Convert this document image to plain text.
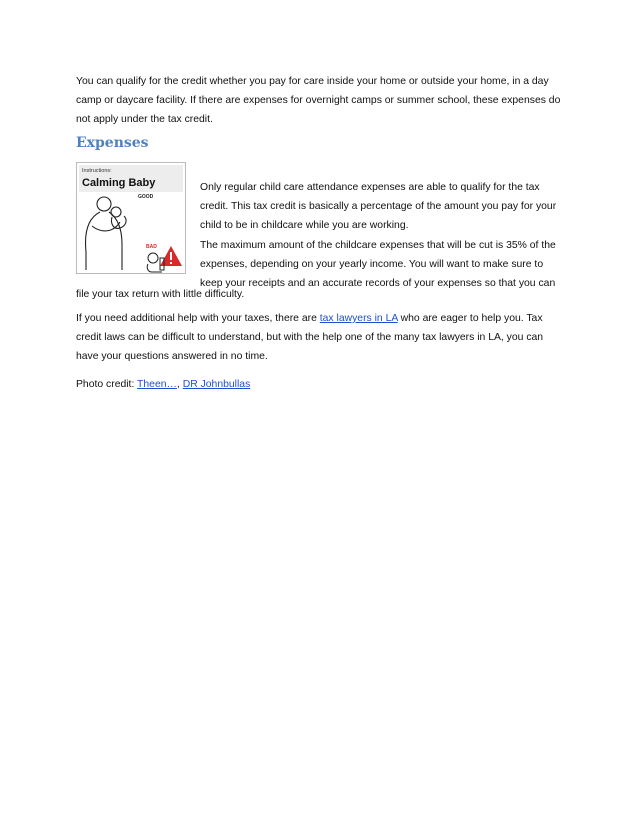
You can qualify for the credit whether you pay for care inside your home or outside your home, in a day camp or daycare facility. If there are expenses for overnight camps or summer school, these expenses do not apply under the tax credit.

Expenses
Instructions:
Calming Baby
GOOD
BAD

Only regular child care attendance expenses are able to qualify for the tax credit. This tax credit is basically a percentage of the amount you pay for your child to be in childcare while you are working.

The maximum amount of the childcare expenses that will be cut is 35% of the expenses, depending on your yearly income. You will want to make sure to keep your receipts and an accurate records of your expenses so that you can

file your tax return with little difficulty.

If you need additional help with your taxes, there are tax lawyers in LA who are eager to help you. Tax credit laws can be difficult to understand, but with the help one of the many tax lawyers in LA, you can have your questions answered in no time.

Photo credit: Theen…, DR Johnbullas
